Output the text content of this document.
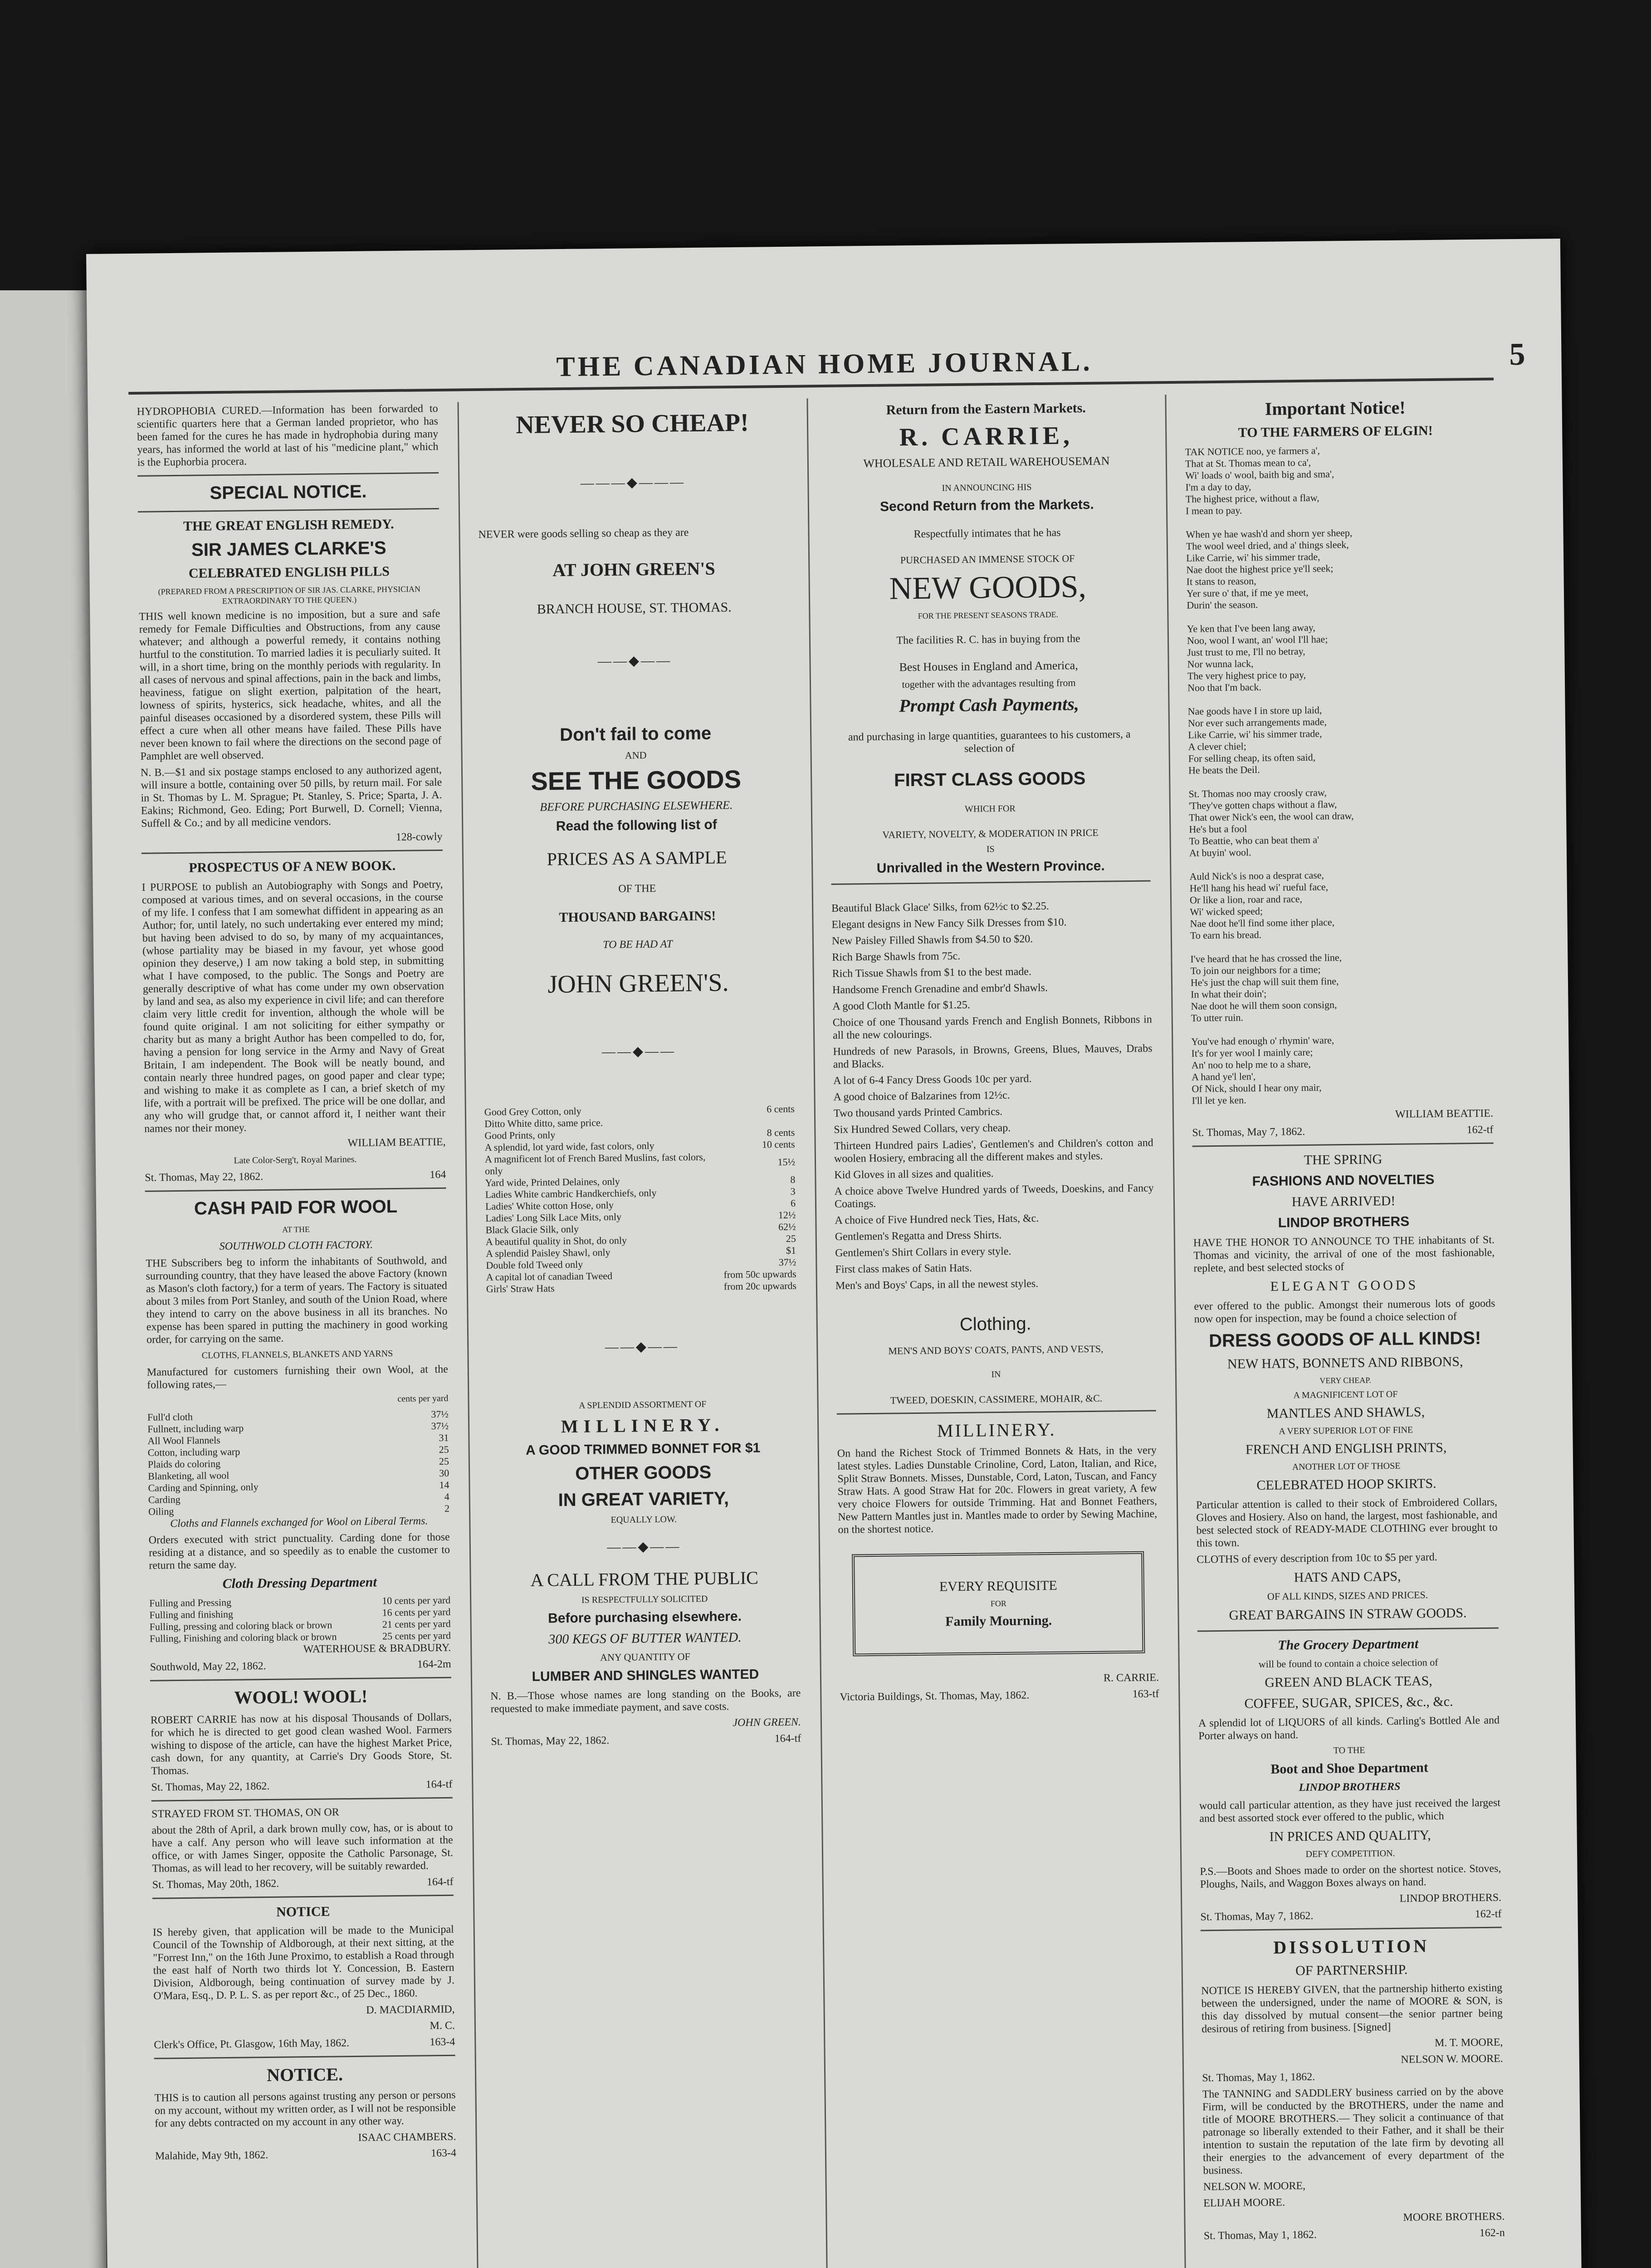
THE CANADIAN HOME JOURNAL.	5

HYDROPHOBIA CURED.—Information has been forwarded to scientific quarters here that a German landed proprietor, who has been famed for the cures he has made in hydrophobia during many years, has informed the world at last of his "medicine plant," which is the Euphorbia procera.

SPECIAL NOTICE.
THE GREAT ENGLISH REMEDY.
SIR JAMES CLARKE'S
CELEBRATED ENGLISH PILLS

(PREPARED FROM A PRESCRIPTION OF SIR JAS. CLARKE, PHYSICIAN EXTRAORDINARY TO THE QUEEN.)

THIS well known medicine is no imposition, but a sure and safe remedy for Female Difficulties and Obstructions, from any cause whatever; and although a powerful remedy, it contains nothing hurtful to the constitution. To married ladies it is peculiarly suited. It will, in a short time, bring on the monthly periods with regularity. In all cases of nervous and spinal affections, pain in the back and limbs, heaviness, fatigue on slight exertion, palpitation of the heart, lowness of spirits, hysterics, sick headache, whites, and all the painful diseases occasioned by a disordered system, these Pills will effect a cure when all other means have failed. These Pills have never been known to fail where the directions on the second page of Pamphlet are well observed.

N. B.—$1 and six postage stamps enclosed to any authorized agent, will insure a bottle, containing over 50 pills, by return mail. For sale in St. Thomas by L. M. Sprague; Pt. Stanley, S. Price; Sparta, J. A. Eakins; Richmond, Geo. Eding; Port Burwell, D. Cornell; Vienna, Suffell & Co.; and by all medicine vendors.

128-cowly

PROSPECTUS OF A NEW BOOK.

I PURPOSE to publish an Autobiography with Songs and Poetry, composed at various times, and on several occasions, in the course of my life. I confess that I am somewhat diffident in appearing as an Author; for, until lately, no such undertaking ever entered my mind; but having been advised to do so, by many of my acquaintances, (whose partiality may be biased in my favour, yet whose good opinion they deserve,) I am now taking a bold step, in submitting what I have composed, to the public. The Songs and Poetry are generally descriptive of what has come under my own observation by land and sea, as also my experience in civil life; and can therefore claim very little credit for invention, although the whole will be found quite original. I am not soliciting for either sympathy or charity but as many a bright Author has been compelled to do, for, having a pension for long service in the Army and Navy of Great Britain, I am independent. The Book will be neatly bound, and contain nearly three hundred pages, on good paper and clear type; and wishing to make it as complete as I can, a brief sketch of my life, with a portrait will be prefixed. The price will be one dollar, and any who will grudge that, or cannot afford it, I neither want their names nor their money.

WILLIAM BEATTIE,

Late Color-Serg't, Royal Marines.

St. Thomas, May 22, 1862.	164

CASH PAID FOR WOOL

AT THE

SOUTHWOLD CLOTH FACTORY.

THE Subscribers beg to inform the inhabitants of Southwold, and surrounding country, that they have leased the above Factory (known as Mason's cloth factory,) for a term of years. The Factory is situated about 3 miles from Port Stanley, and south of the Union Road, where they intend to carry on the above business in all its branches. No expense has been spared in putting the machinery in good working order, for carrying on the same.

CLOTHS, FLANNELS, BLANKETS AND YARNS

Manufactured for customers furnishing their own Wool, at the following rates,—

cents per yard

Full'd cloth	37½
Fullnett, including warp	37½
All Wool Flannels	31
Cotton, including warp	25
Plaids do coloring	25
Blanketing, all wool	30
Carding and Spinning, only	14
Carding	4
Oiling	2

Cloths and Flannels exchanged for Wool on Liberal Terms.

Orders executed with strict punctuality. Carding done for those residing at a distance, and so speedily as to enable the customer to return the same day.

Cloth Dressing Department
Fulling and Pressing	10 cents per yard
Fulling and finishing	16 cents per yard
Fulling, pressing and coloring black or brown	21 cents per yard
Fulling, Finishing and coloring black or brown	25 cents per yard

WATERHOUSE & BRADBURY.

Southwold, May 22, 1862.	164-2m

WOOL! WOOL!

ROBERT CARRIE has now at his disposal Thousands of Dollars, for which he is directed to get good clean washed Wool. Farmers wishing to dispose of the article, can have the highest Market Price, cash down, for any quantity, at Carrie's Dry Goods Store, St. Thomas.

St. Thomas, May 22, 1862.	164-tf

STRAYED FROM ST. THOMAS, ON OR

about the 28th of April, a dark brown mully cow, has, or is about to have a calf. Any person who will leave such information at the office, or with James Singer, opposite the Catholic Parsonage, St. Thomas, as will lead to her recovery, will be suitably rewarded.

St. Thomas, May 20th, 1862.	164-tf

NOTICE

IS hereby given, that application will be made to the Municipal Council of the Township of Aldborough, at their next sitting, at the "Forrest Inn," on the 16th June Proximo, to establish a Road through the east half of North two thirds lot Y. Concession, B. Eastern Division, Aldborough, being continuation of survey made by J. O'Mara, Esq., D. P. L. S. as per report &c., of 25 Dec., 1860.

D. MACDIARMID,

M. C.

Clerk's Office, Pt. Glasgow, 16th May, 1862.	163-4

NOTICE.

THIS is to caution all persons against trusting any person or persons on my account, without my written order, as I will not be responsible for any debts contracted on my account in any other way.

ISAAC CHAMBERS.

Malahide, May 9th, 1862.	163-4

NEVER SO CHEAP!
———◆———

NEVER were goods selling so cheap as they are

AT JOHN GREEN'S
BRANCH HOUSE, ST. THOMAS.
——◆——
Don't fail to come
AND
SEE THE GOODS
BEFORE PURCHASING ELSEWHERE.
Read the following list of
PRICES AS A SAMPLE
OF THE
THOUSAND BARGAINS!
TO BE HAD AT
JOHN GREEN'S.
——◆——
Good Grey Cotton, only	6 cents
Ditto White ditto, same price.	
Good Prints, only	8 cents
A splendid, lot yard wide, fast colors, only	10 cents
A magnificent lot of French Bared Muslins, fast colors, only	15½
Yard wide, Printed Delaines, only	8
Ladies White cambric Handkerchiefs, only	3
Ladies' White cotton Hose, only	6
Ladies' Long Silk Lace Mits, only	12½
Black Glacie Silk, only	62½
A beautiful quality in Shot, do only	25
A splendid Paisley Shawl, only	$1
Double fold Tweed only	37½
A capital lot of canadian Tweed	from 50c upwards
Girls' Straw Hats	from 20c upwards
——◆——
A SPLENDID ASSORTMENT OF
MILLINERY.
A GOOD TRIMMED BONNET FOR $1
OTHER GOODS
IN GREAT VARIETY,
EQUALLY LOW.
——◆——
A CALL FROM THE PUBLIC
IS RESPECTFULLY SOLICITED
Before purchasing elsewhere.
300 KEGS OF BUTTER WANTED.
ANY QUANTITY OF
LUMBER AND SHINGLES WANTED

N. B.—Those whose names are long standing on the Books, are requested to make immediate payment, and save costs.

JOHN GREEN.

St. Thomas, May 22, 1862.	164-tf

Return from the Eastern Markets.
R. CARRIE,
WHOLESALE AND RETAIL WAREHOUSEMAN
IN ANNOUNCING HIS
Second Return from the Markets.
Respectfully intimates that he has
PURCHASED AN IMMENSE STOCK OF
NEW GOODS,
FOR THE PRESENT SEASONS TRADE.
The facilities R. C. has in buying from the
Best Houses in England and America,
together with the advantages resulting from
Prompt Cash Payments,

and purchasing in large quantities, guarantees to his customers, a selection of

FIRST CLASS GOODS
WHICH FOR
VARIETY, NOVELTY, & MODERATION IN PRICE
IS
Unrivalled in the Western Province.

Beautiful Black Glace' Silks, from 62½c to $2.25.

Elegant designs in New Fancy Silk Dresses from $10.

New Paisley Filled Shawls from $4.50 to $20.

Rich Barge Shawls from 75c.

Rich Tissue Shawls from $1 to the best made.

Handsome French Grenadine and embr'd Shawls.

A good Cloth Mantle for $1.25.

Choice of one Thousand yards French and English Bonnets, Ribbons in all the new colourings.

Hundreds of new Parasols, in Browns, Greens, Blues, Mauves, Drabs and Blacks.

A lot of 6-4 Fancy Dress Goods 10c per yard.

A good choice of Balzarines from 12½c.

Two thousand yards Printed Cambrics.

Six Hundred Sewed Collars, very cheap.

Thirteen Hundred pairs Ladies', Gentlemen's and Children's cotton and woolen Hosiery, embracing all the different makes and styles.

Kid Gloves in all sizes and qualities.

A choice above Twelve Hundred yards of Tweeds, Doeskins, and Fancy Coatings.

A choice of Five Hundred neck Ties, Hats, &c.

Gentlemen's Regatta and Dress Shirts.

Gentlemen's Shirt Collars in every style.

First class makes of Satin Hats.

Men's and Boys' Caps, in all the newest styles.

Clothing.
MEN'S AND BOYS' COATS, PANTS, AND VESTS,
IN
TWEED, DOESKIN, CASSIMERE, MOHAIR, &C.
MILLINERY.

On hand the Richest Stock of Trimmed Bonnets & Hats, in the very latest styles. Ladies Dunstable Crinoline, Cord, Laton, Italian, and Rice, Split Straw Bonnets. Misses, Dunstable, Cord, Laton, Tuscan, and Fancy Straw Hats. A good Straw Hat for 20c. Flowers in great variety, A few very choice Flowers for outside Trimming. Hat and Bonnet Feathers, New Pattern Mantles just in. Mantles made to order by Sewing Machine, on the shortest notice.

EVERY REQUISITE
FOR
Family Mourning.

R. CARRIE.

Victoria Buildings, St. Thomas, May, 1862.	163-tf

Important Notice!
TO THE FARMERS OF ELGIN!

TAK NOTICE noo, ye farmers a',
That at St. Thomas mean to ca',
Wi' loads o' wool, baith big and sma',
I'm a day to day,
The highest price, without a flaw,
I mean to pay.

When ye hae wash'd and shorn yer sheep,
The wool weel dried, and a' things sleek,
Like Carrie, wi' his simmer trade,
Nae doot the highest price ye'll seek;
It stans to reason,
Yer sure o' that, if me ye meet,
Durin' the season.

Ye ken that I've been lang away,
Noo, wool I want, an' wool I'll hae;
Just trust to me, I'll no betray,
Nor wunna lack,
The very highest price to pay,
Noo that I'm back.

Nae goods have I in store up laid,
Nor ever such arrangements made,
Like Carrie, wi' his simmer trade,
A clever chiel;
For selling cheap, its often said,
He beats the Deil.

St. Thomas noo may croosly craw,
'They've gotten chaps without a flaw,
That ower Nick's een, the wool can draw,
He's but a fool
To Beattie, who can beat them a'
At buyin' wool.

Auld Nick's is noo a desprat case,
He'll hang his head wi' rueful face,
Or like a lion, roar and race,
Wi' wicked speed;
Nae doot he'll find some ither place,
To earn his bread.

I've heard that he has crossed the line,
To join our neighbors for a time;
He's just the chap will suit them fine,
In what their doin';
Nae doot he will them soon consign,
To utter ruin.

You've had enough o' rhymin' ware,
It's for yer wool I mainly care;
An' noo to help me to a share,
A hand ye'l len',
Of Nick, should I hear ony mair,
I'll let ye ken.

WILLIAM BEATTIE.

St. Thomas, May 7, 1862.	162-tf

THE SPRING
FASHIONS AND NOVELTIES
HAVE ARRIVED!
LINDOP BROTHERS

HAVE THE HONOR TO ANNOUNCE TO THE inhabitants of St. Thomas and vicinity, the arrival of one of the most fashionable, replete, and best selected stocks of

ELEGANT GOODS

ever offered to the public. Amongst their numerous lots of goods now open for inspection, may be found a choice selection of

DRESS GOODS OF ALL KINDS!
NEW HATS, BONNETS AND RIBBONS,
VERY CHEAP.
A MAGNIFICENT LOT OF
MANTLES AND SHAWLS,
A VERY SUPERIOR LOT OF FINE
FRENCH AND ENGLISH PRINTS,
ANOTHER LOT OF THOSE
CELEBRATED HOOP SKIRTS.

Particular attention is called to their stock of Embroidered Collars, Gloves and Hosiery. Also on hand, the largest, most fashionable, and best selected stock of READY-MADE CLOTHING ever brought to this town.

CLOTHS of every description from 10c to $5 per yard.

HATS AND CAPS,
OF ALL KINDS, SIZES AND PRICES.
GREAT BARGAINS IN STRAW GOODS.
The Grocery Department
will be found to contain a choice selection of
GREEN AND BLACK TEAS,
COFFEE, SUGAR, SPICES, &c., &c.

A splendid lot of LIQUORS of all kinds. Carling's Bottled Ale and Porter always on hand.

TO THE
Boot and Shoe Department
LINDOP BROTHERS

would call particular attention, as they have just received the largest and best assorted stock ever offered to the public, which

IN PRICES AND QUALITY,
DEFY COMPETITION.

P.S.—Boots and Shoes made to order on the shortest notice. Stoves, Ploughs, Nails, and Waggon Boxes always on hand.

LINDOP BROTHERS.

St. Thomas, May 7, 1862.	162-tf

DISSOLUTION
OF PARTNERSHIP.

NOTICE IS HEREBY GIVEN, that the partnership hitherto existing between the undersigned, under the name of MOORE & SON, is this day dissolved by mutual consent—the senior partner being desirous of retiring from business. [Signed]

M. T. MOORE,

NELSON W. MOORE.

St. Thomas, May 1, 1862.

The TANNING and SADDLERY business carried on by the above Firm, will be conducted by the BROTHERS, under the name and title of MOORE BROTHERS.— They solicit a continuance of that patronage so liberally extended to their Father, and it shall be their intention to sustain the reputation of the late firm by devoting all their energies to the advancement of every department of the business.

NELSON W. MOORE,

ELIJAH MOORE.

MOORE BROTHERS.

St. Thomas, May 1, 1862.	162-n
